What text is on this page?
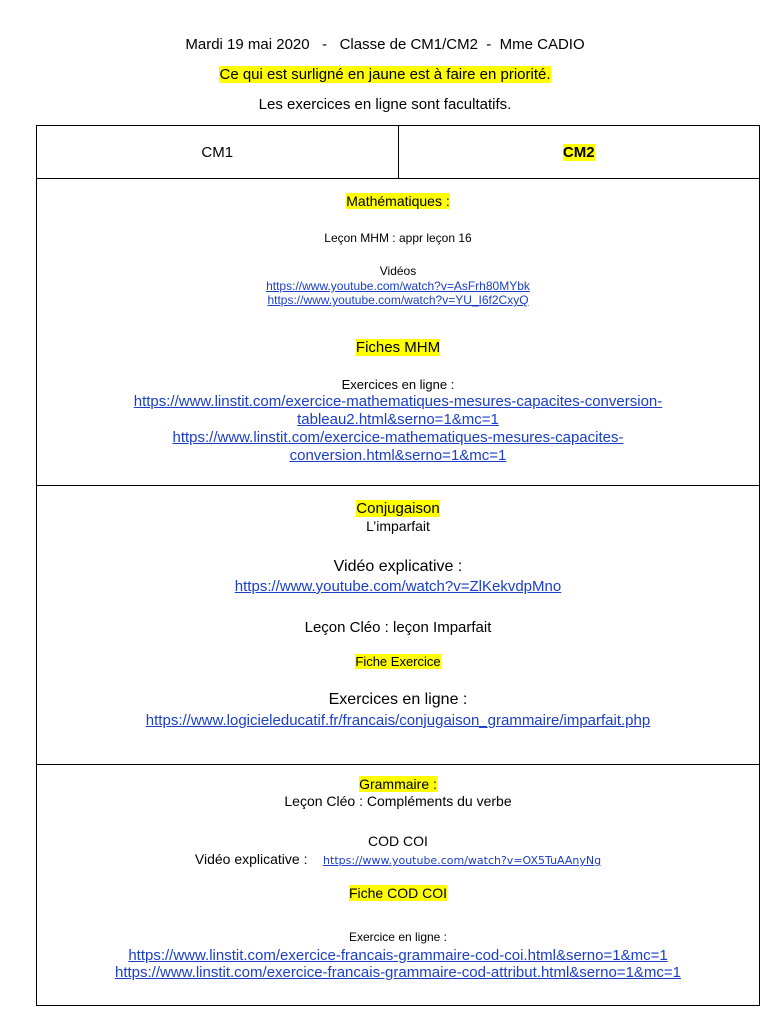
Mardi 19 mai 2020   -   Classe de CM1/CM2  -  Mme CADIO
Ce qui est surligné en jaune est à faire en priorité.
Les exercices en ligne sont facultatifs.
CM1	CM2
Mathématiques :
Leçon MHM : appr leçon 16
Vidéos
https://www.youtube.com/watch?v=AsFrh80MYbk
https://www.youtube.com/watch?v=YU_I6f2CxyQ
Fiches MHM
Exercices en ligne :
https://www.linstit.com/exercice-mathematiques-mesures-capacites-conversion-
tableau2.html&serno=1&mc=1
https://www.linstit.com/exercice-mathematiques-mesures-capacites-
conversion.html&serno=1&mc=1
Conjugaison
L’imparfait
Vidéo explicative :
https://www.youtube.com/watch?v=ZlKekvdpMno
Leçon Cléo : leçon Imparfait
Fiche Exercice
Exercices en ligne :
https://www.logicieleducatif.fr/francais/conjugaison_grammaire/imparfait.php
Grammaire :
Leçon Cléo : Compléments du verbe
COD COI
Vidéo explicative : https://www.youtube.com/watch?v=OX5TuAAnyNg
Fiche COD COI
Exercice en ligne :
https://www.linstit.com/exercice-francais-grammaire-cod-coi.html&serno=1&mc=1
https://www.linstit.com/exercice-francais-grammaire-cod-attribut.html&serno=1&mc=1
